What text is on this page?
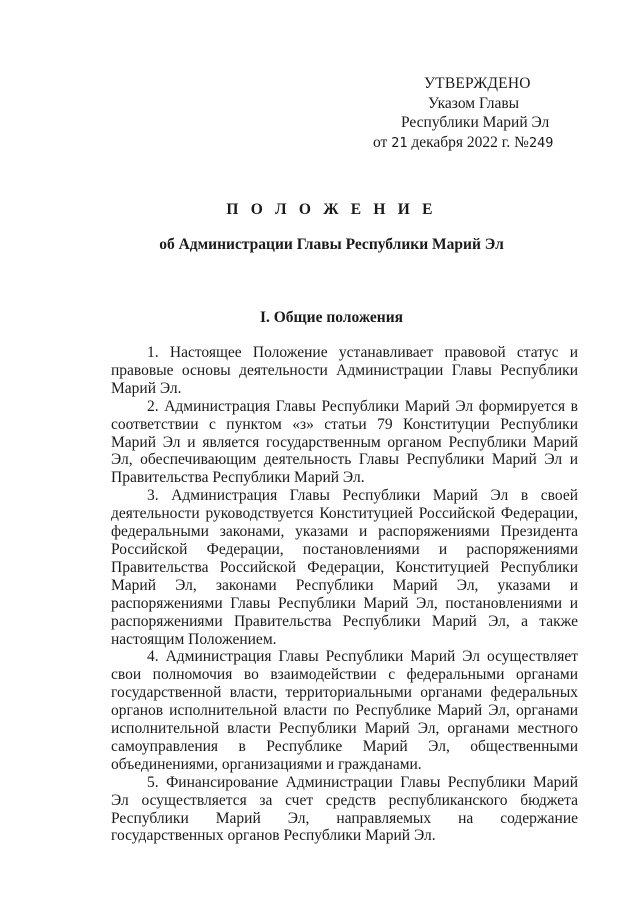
УТВЕРЖДЕНО
Указом Главы
Республики Марий Эл
от 21 декабря 2022 г. №249
П О Л О Ж Е Н И Е
об Администрации Главы Республики Марий Эл
I. Общие положения

1. Настоящее Положение устанавливает правовой статус и правовые основы деятельности Администрации Главы Республики Марий Эл.

2. Администрация Главы Республики Марий Эл формируется в соответствии с пунктом «з» статьи 79 Конституции Республики Марий Эл и является государственным органом Республики Марий Эл, обеспечивающим деятельность Главы Республики Марий Эл и Правительства Республики Марий Эл.

3. Администрация Главы Республики Марий Эл в своей деятельности руководствуется Конституцией Российской Федерации, федеральными законами, указами и распоряжениями Президента Российской Федерации, постановлениями и распоряжениями Правительства Российской Федерации, Конституцией Республики Марий Эл, законами Республики Марий Эл, указами и распоряжениями Главы Республики Марий Эл, постановлениями и распоряжениями Правительства Республики Марий Эл, а также настоящим Положением.

4. Администрация Главы Республики Марий Эл осуществляет свои полномочия во взаимодействии с федеральными органами государственной власти, территориальными органами федеральных органов исполнительной власти по Республике Марий Эл, органами исполнительной власти Республики Марий Эл, органами местного самоуправления в Республике Марий Эл, общественными объединениями, организациями и гражданами.

5. Финансирование Администрации Главы Республики Марий Эл осуществляется за счет средств республиканского бюджета Республики Марий Эл, направляемых на содержание государственных органов Республики Марий Эл.
